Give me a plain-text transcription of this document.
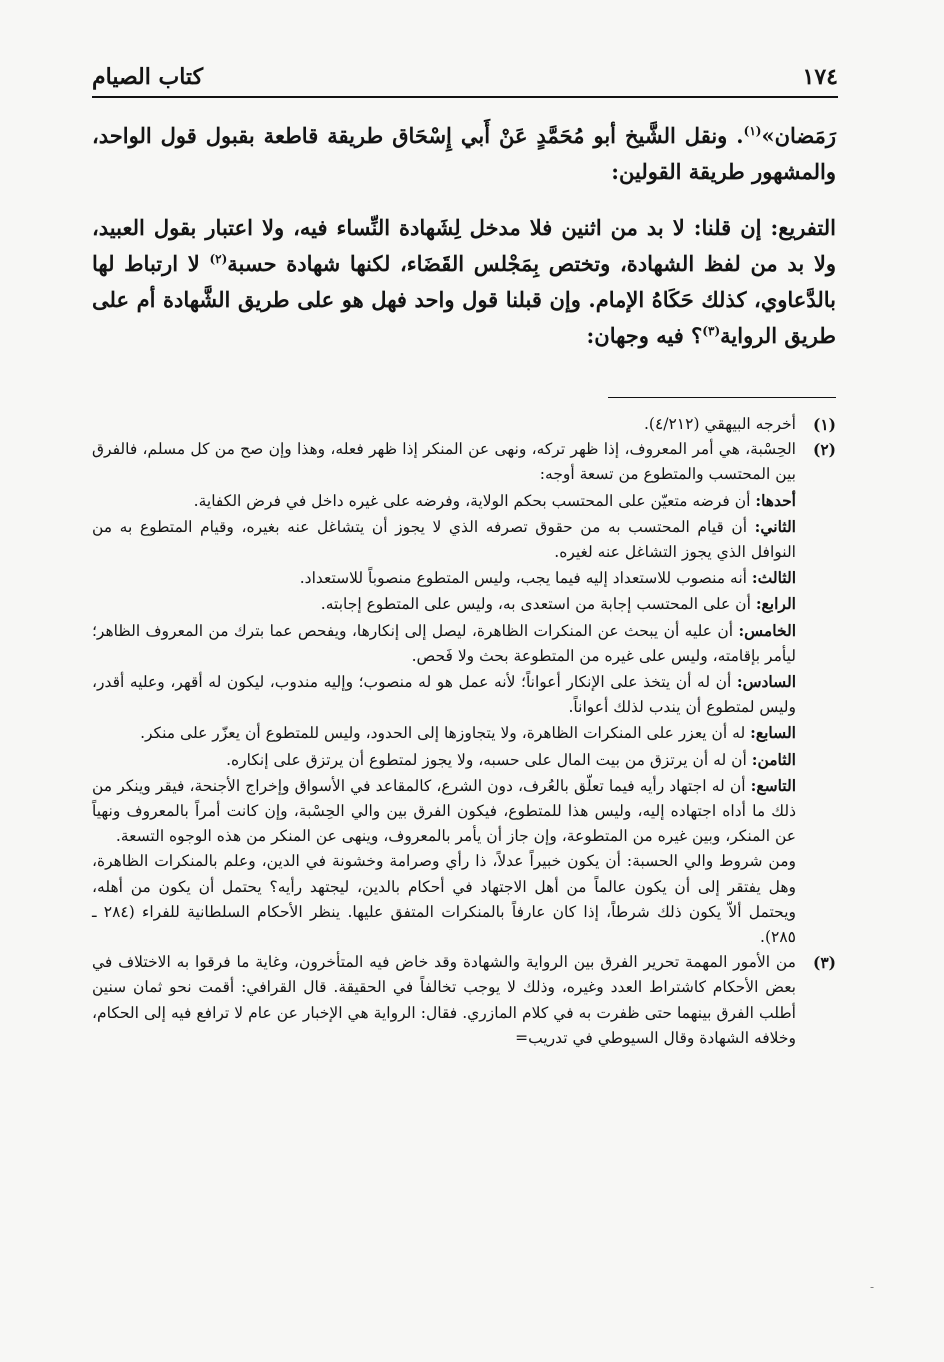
١٧٤
كتاب الصيام

رَمَضان»$^{(١)}$. ونقل الشَّيخ أبو مُحَمَّدٍ عَنْ أَبي إِسْحَاق طريقة قاطعة بقبول قول الواحد، والمشهور طريقة القولين:

التفريع: إن قلنا: لا بد من اثنين فلا مدخل لِشَهادة النِّساء فيه، ولا اعتبار بقول العبيد، ولا بد من لفظ الشهادة، وتختص بِمَجْلس القَضَاء، لكنها شهادة حسبة$^{(٢)}$ لا ارتباط لها بالدَّعاوي، كذلك حَكَاهُ الإمام. وإن قبلنا قول واحد فهل هو على طريق الشَّهادة أم على طريق الرواية$^{(٣)}$؟ فيه وجهان:

(١)

أخرجه البيهقي (٤/٢١٢).

(٢)

الحِسْبة، هي أمر المعروف، إذا ظهر تركه، ونهى عن المنكر إذا ظهر فعله، وهذا وإن صح من كل مسلم، فالفرق بين المحتسب والمتطوع من تسعة أوجه:

أحدها: أن فرضه متعيّن على المحتسب بحكم الولاية، وفرضه على غيره داخل في فرض الكفاية.

الثاني: أن قيام المحتسب به من حقوق تصرفه الذي لا يجوز أن يتشاغل عنه بغيره، وقيام المتطوع به من النوافل الذي يجوز التشاغل عنه لغيره.

الثالث: أنه منصوب للاستعداد إليه فيما يجب، وليس المتطوع منصوباً للاستعداد.

الرابع: أن على المحتسب إجابة من استعدى به، وليس على المتطوع إجابته.

الخامس: أن عليه أن يبحث عن المنكرات الظاهرة، ليصل إلى إنكارها، ويفحص عما بترك من المعروف الظاهر؛ ليأمر بإقامته، وليس على غيره من المتطوعة بحث ولا فَحص.

السادس: أن له أن يتخذ على الإنكار أعواناً؛ لأنه عمل هو له منصوب؛ وإليه مندوب، ليكون له أقهر، وعليه أقدر، وليس لمتطوع أن يندب لذلك أعواناً.

السابع: له أن يعزر على المنكرات الظاهرة، ولا يتجاوزها إلى الحدود، وليس للمتطوع أن يعزّر على منكر.

الثامن: أن له أن يرتزق من بيت المال على حسبه، ولا يجوز لمتطوع أن يرتزق على إنكاره.

التاسع: أن له اجتهاد رأيه فيما تعلّق بالعُرف، دون الشرع، كالمقاعد في الأسواق وإخراج الأجنحة، فيقر وينكر من ذلك ما أداه اجتهاده إليه، وليس هذا للمتطوع، فيكون الفرق بين والي الحِسْبة، وإن كانت أمراً بالمعروف ونهياً عن المنكر، وبين غيره من المتطوعة، وإن جاز أن يأمر بالمعروف، وينهى عن المنكر من هذه الوجوه التسعة.

ومن شروط والي الحسبة: أن يكون خبيراً عدلاً، ذا رأي وصرامة وخشونة في الدين، وعلم بالمنكرات الظاهرة، وهل يفتقر إلى أن يكون عالماً من أهل الاجتهاد في أحكام بالدين، ليجتهد رأيه؟ يحتمل أن يكون من أهله، ويحتمل ألاّ يكون ذلك شرطاً، إذا كان عارفاً بالمنكرات المتفق عليها. ينظر الأحكام السلطانية للفراء (٢٨٤ ـ ٢٨٥).

(٣)

من الأمور المهمة تحرير الفرق بين الرواية والشهادة وقد خاض فيه المتأخرون، وغاية ما فرقوا به الاختلاف في بعض الأحكام كاشتراط العدد وغيره، وذلك لا يوجب تخالفاً في الحقيقة. قال القرافي: أقمت نحو ثمان سنين أطلب الفرق بينهما حتى ظفرت به في كلام المازري. فقال: الرواية هي الإخبار عن عام لا ترافع فيه إلى الحكام، وخلافه الشهادة وقال السيوطي في تدريب=

-
